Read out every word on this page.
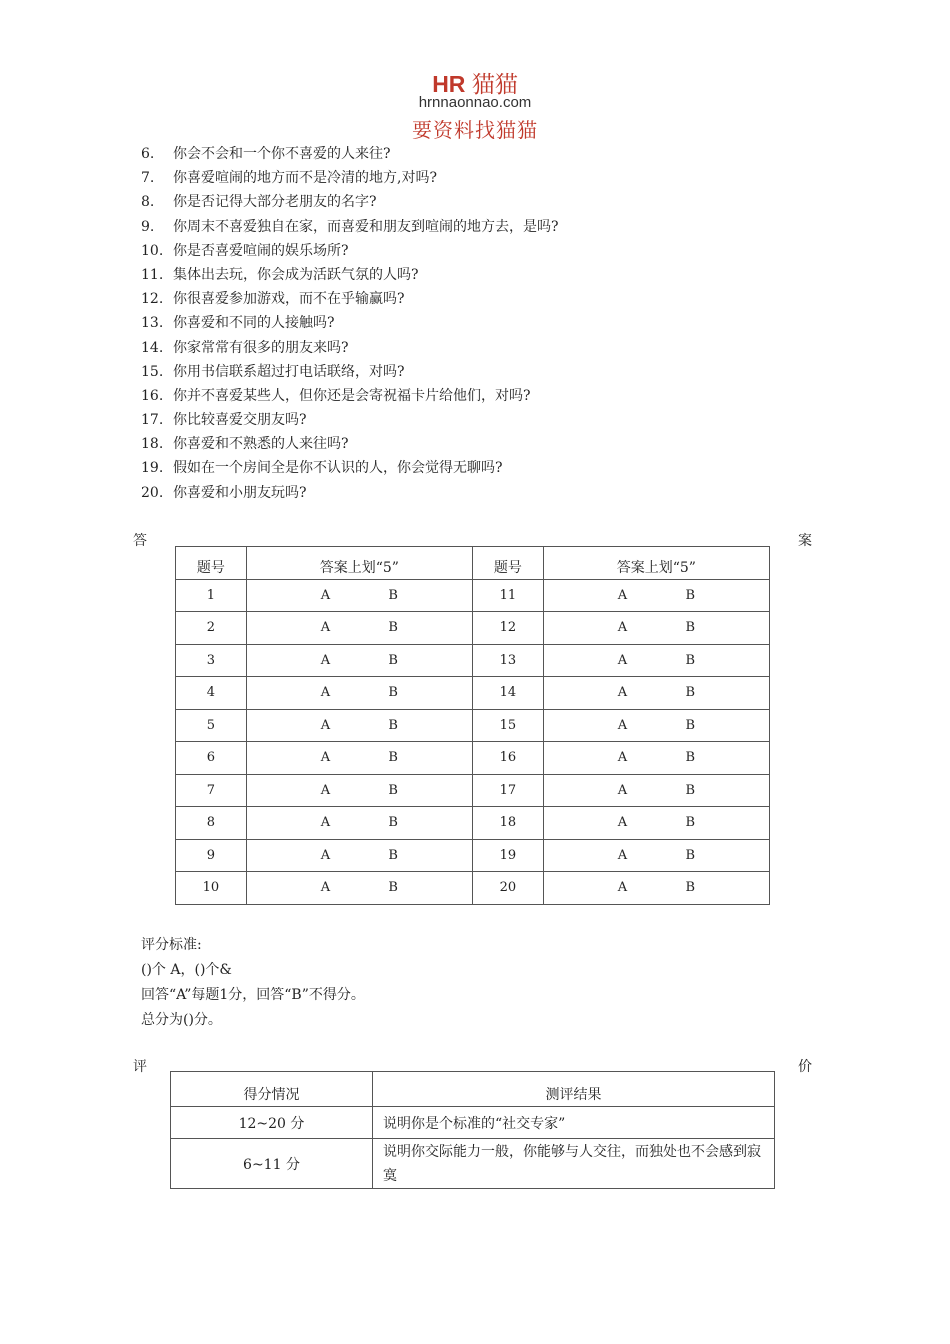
HR 猫猫
hrnnaonnao.com
要资料找猫猫
6. 你会不会和一个你不喜爱的人来往?
7. 你喜爱喧闹的地方而不是冷清的地方,对吗?
8. 你是否记得大部分老朋友的名字?
9. 你周末不喜爱独自在家，而喜爱和朋友到喧闹的地方去，是吗?
10. 你是否喜爱喧闹的娱乐场所?
11. 集体出去玩，你会成为活跃气氛的人吗?
12. 你很喜爱参加游戏，而不在乎输赢吗?
13. 你喜爱和不同的人接触吗?
14. 你家常常有很多的朋友来吗?
15. 你用书信联系超过打电话联络，对吗?
16. 你并不喜爱某些人，但你还是会寄祝福卡片给他们，对吗?
17. 你比较喜爱交朋友吗?
18. 你喜爱和不熟悉的人来往吗?
19. 假如在一个房间全是你不认识的人，你会觉得无聊吗?
20. 你喜爱和小朋友玩吗?
答	案
题号	答案上划“5”	题号	答案上划“5”
1	A B	11	A B

2	A B	12	A B

3	A B	13	A B

4	A B	14	A B

5	A B	15	A B

6	A B	16	A B

7	A B	17	A B

8	A B	18	A B

9	A B	19	A B

10	A B	20	A B
评分标准:
()个 A，()个&
回答“A”每题1分，回答“B”不得分。
总分为()分。
评	价
得分情况	测评结果
12~20 分	说明你是个标准的“社交专家”
6~11 分	说明你交际能力一般，你能够与人交往，而独处也不会感到寂寞
